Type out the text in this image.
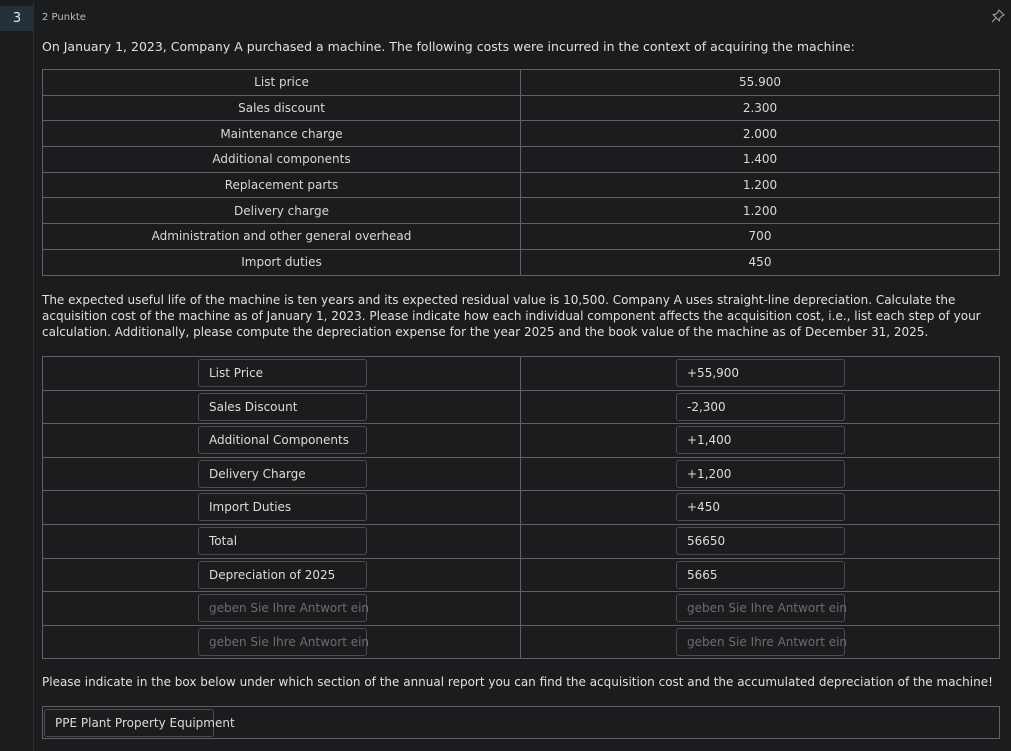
3	2 Punkte
On January 1, 2023, Company A purchased a machine. The following costs were incurred in the context of acquiring the machine:
List price	55.900
Sales discount	2.300
Maintenance charge	2.000
Additional components	1.400
Replacement parts	1.200
Delivery charge	1.200
Administration and other general overhead	700
Import duties	450
The expected useful life of the machine is ten years and its expected residual value is 10,500. Company A uses straight-line depreciation. Calculate the acquisition cost of the machine as of January 1, 2023. Please indicate how each individual component affects the acquisition cost, i.e., list each step of your calculation. Additionally, please compute the depreciation expense for the year 2025 and the book value of the machine as of December 31, 2025.
List Price	+55,900

Sales Discount	-2,300

Additional Components	+1,400

Delivery Charge	+1,200

Import Duties	+450

Total	56650

Depreciation of 2025	5665

geben Sie Ihre Antwort ein	geben Sie Ihre Antwort ein

geben Sie Ihre Antwort ein	geben Sie Ihre Antwort ein
Please indicate in the box below under which section of the annual report you can find the acquisition cost and the accumulated depreciation of the machine!
PPE Plant Property Equipment
